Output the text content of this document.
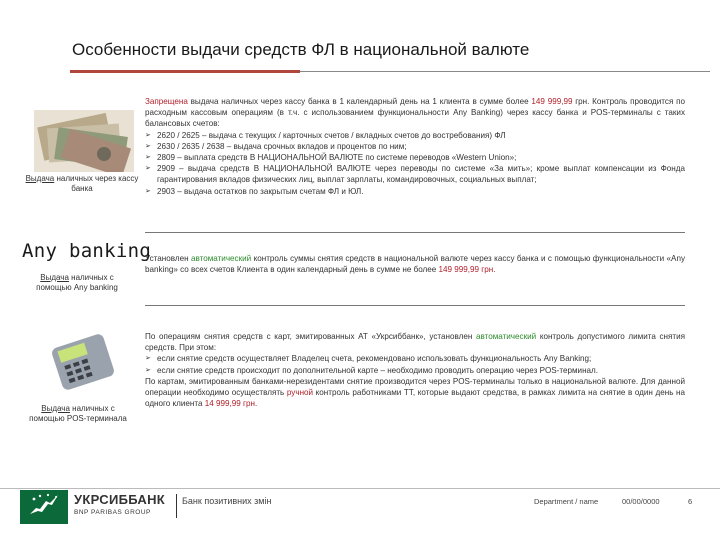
Особенности выдачи средств ФЛ в национальной валюте
Выдача наличных через кассу банка
Запрещена выдача наличных через кассу банка в 1 календарный день на 1 клиента в сумме более 149 999,99 грн. Контроль проводится по расходным кассовым операциям (в т.ч. с использованием функциональности Any Banking) через кассу банка и POS-терминалы с таких балансовых счетов:
➢ 2620 / 2625 – выдача с текущих / карточных счетов / вкладных счетов до востребования) ФЛ
➢ 2630 / 2635 / 2638 – выдача срочных вкладов и процентов по ним;
➢ 2809 – выплата средств В НАЦИОНАЛЬНОЙ ВАЛЮТЕ по системе переводов «Western Union»;
➢ 2909 – выдача средств В НАЦИОНАЛЬНОЙ ВАЛЮТЕ через переводы по системе «За мить»; кроме выплат компенсации из Фонда гарантирования вкладов физических лиц, выплат зарплаты, командировочных, социальных выплат;
➢ 2903 – выдача остатков по закрытым счетам ФЛ и ЮЛ.
Any banking
Выдача наличных с помощью Any banking
Установлен автоматический контроль суммы снятия средств в национальной валюте через кассу банка и с помощью функциональности «Any banking» со всех счетов Клиента в один календарный день в сумме не более 149 999,99 грн.
Выдача наличных с помощью POS-терминала
По операциям снятия средств с карт, эмитированных АТ «Укрсиббанк», установлен автоматический контроль допустимого лимита снятия средств. При этом:
➢ если снятие средств осуществляет Владелец счета, рекомендовано использовать функциональность Any Banking;
➢ если снятие средств происходит по дополнительной карте – необходимо проводить операцию через POS-терминал.
По картам, эмитированным банками-нерезидентами снятие производится через POS-терминалы только в национальной валюте. Для данной операции необходимо осуществлять ручной контроль работниками ТТ, которые выдают средства, в рамках лимита на снятие в один день на одного клиента 14 999,99 грн.
УКРСИББАНК
BNP PARIBAS GROUP
Банк позитивних змін	Department / name	00/00/0000	6
